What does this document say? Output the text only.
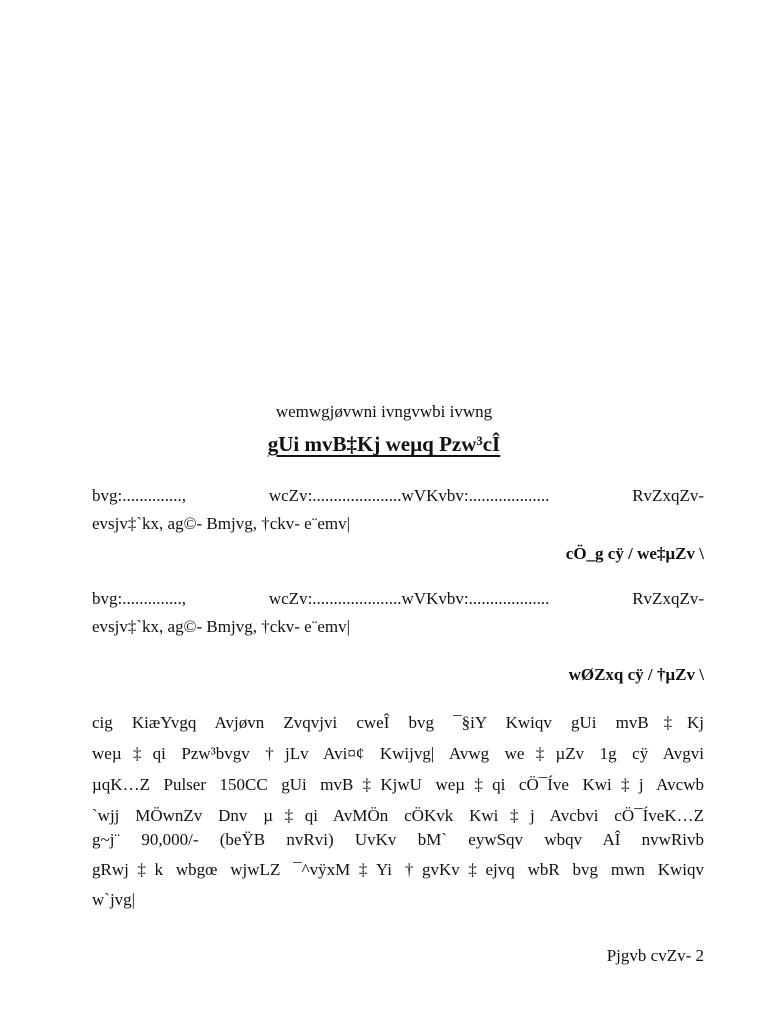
wemwgjøvwni ivngvwbi ivwng
gUi mvB‡Kj weµq Pzw³cÎ
bvg:..............,	wcZv:.....................wVKvbv:...................	RvZxqZv-
evsjv‡`kx, ag©- Bmjvg, †ckv- e¨emv|
cÖ_g cÿ / we‡µZv \
bvg:..............,	wcZv:.....................wVKvbv:...................	RvZxqZv-
evsjv‡`kx, ag©- Bmjvg, †ckv- e¨emv|
wØZxq cÿ / †µZv \
cig KiæYvgq Avjøvn Zvqvjvi cweÎ bvg ¯§iY Kwiqv gUi mvB‡Kj
weµ‡qi Pzw³bvgv †jLv Avi¤¢ Kwijvg| Avwg we‡µZv 1g cÿ Avgvi
µqK…Z Pulser 150CC gUi mvB‡KjwU weµ‡qi cÖ¯Íve Kwi‡j Avcwb
`wjj MÖwnZv Dnv µ‡qi AvMÖn cÖKvk Kwi‡j Avcbvi cÖ¯ÍveK…Z
g~j¨ 90,000/- (beŸB nvRvi) UvKv bM` eywSqv wbqv AÎ nvwRivb
gRwj‡k wbgœ wjwLZ ¯^vÿxM‡Yi †gvKv‡ejvq wbR bvg mwn Kwiqv
w`jvg|
Pjgvb cvZv- 2
